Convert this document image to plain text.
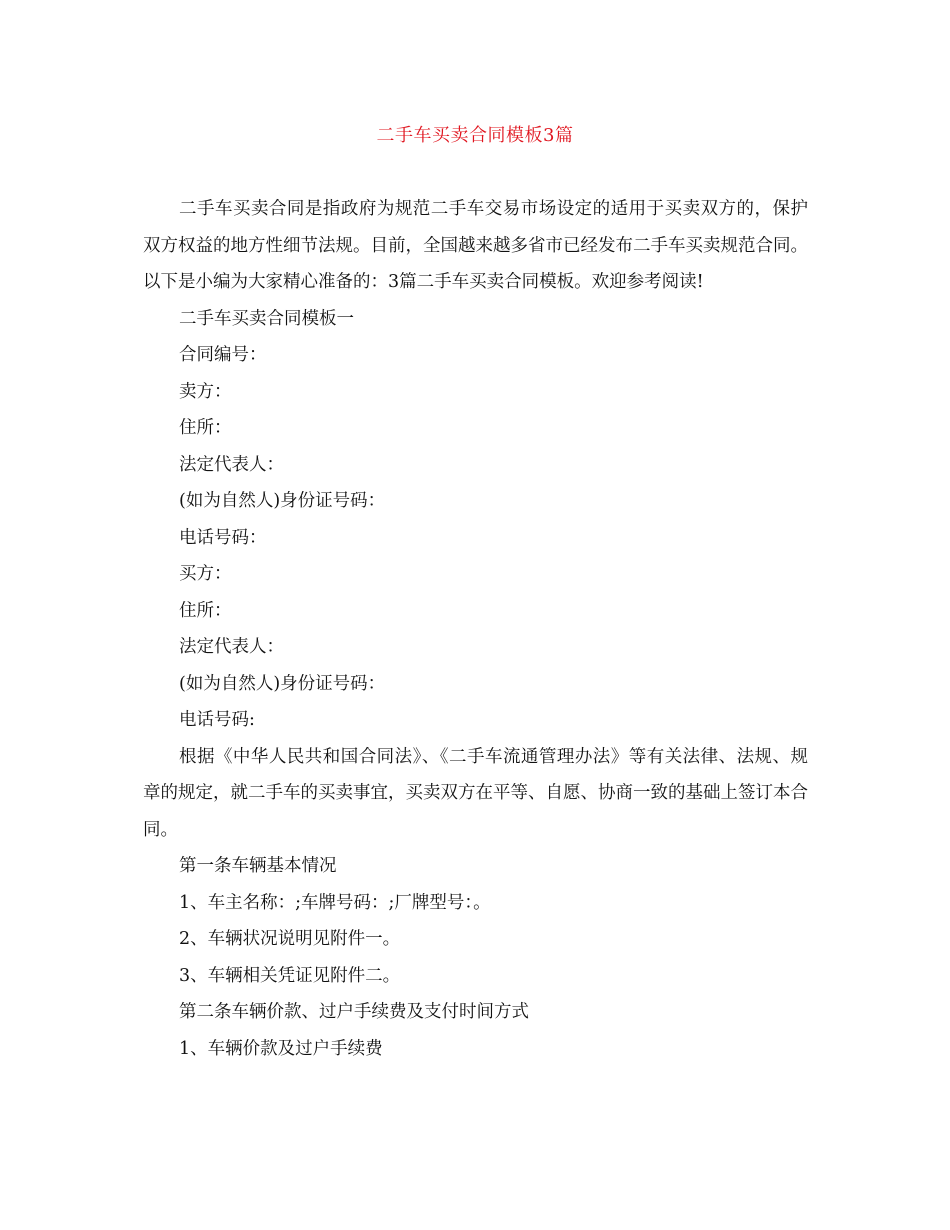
二手车买卖合同模板3篇

二手车买卖合同是指政府为规范二手车交易市场设定的适用于买卖双方的，保护双方权益的地方性细节法规。目前，全国越来越多省市已经发布二手车买卖规范合同。以下是小编为大家精心准备的：3篇二手车买卖合同模板。欢迎参考阅读!

二手车买卖合同模板一

合同编号：

卖方：

住所：

法定代表人：

(如为自然人)身份证号码：

电话号码：

买方：

住所：

法定代表人：

(如为自然人)身份证号码：

电话号码:

根据《中华人民共和国合同法》、《二手车流通管理办法》等有关法律、法规、规章的规定，就二手车的买卖事宜，买卖双方在平等、自愿、协商一致的基础上签订本合同。

第一条车辆基本情况

1、车主名称：;车牌号码：;厂牌型号：。

2、车辆状况说明见附件一。

3、车辆相关凭证见附件二。

第二条车辆价款、过户手续费及支付时间方式

1、车辆价款及过户手续费
